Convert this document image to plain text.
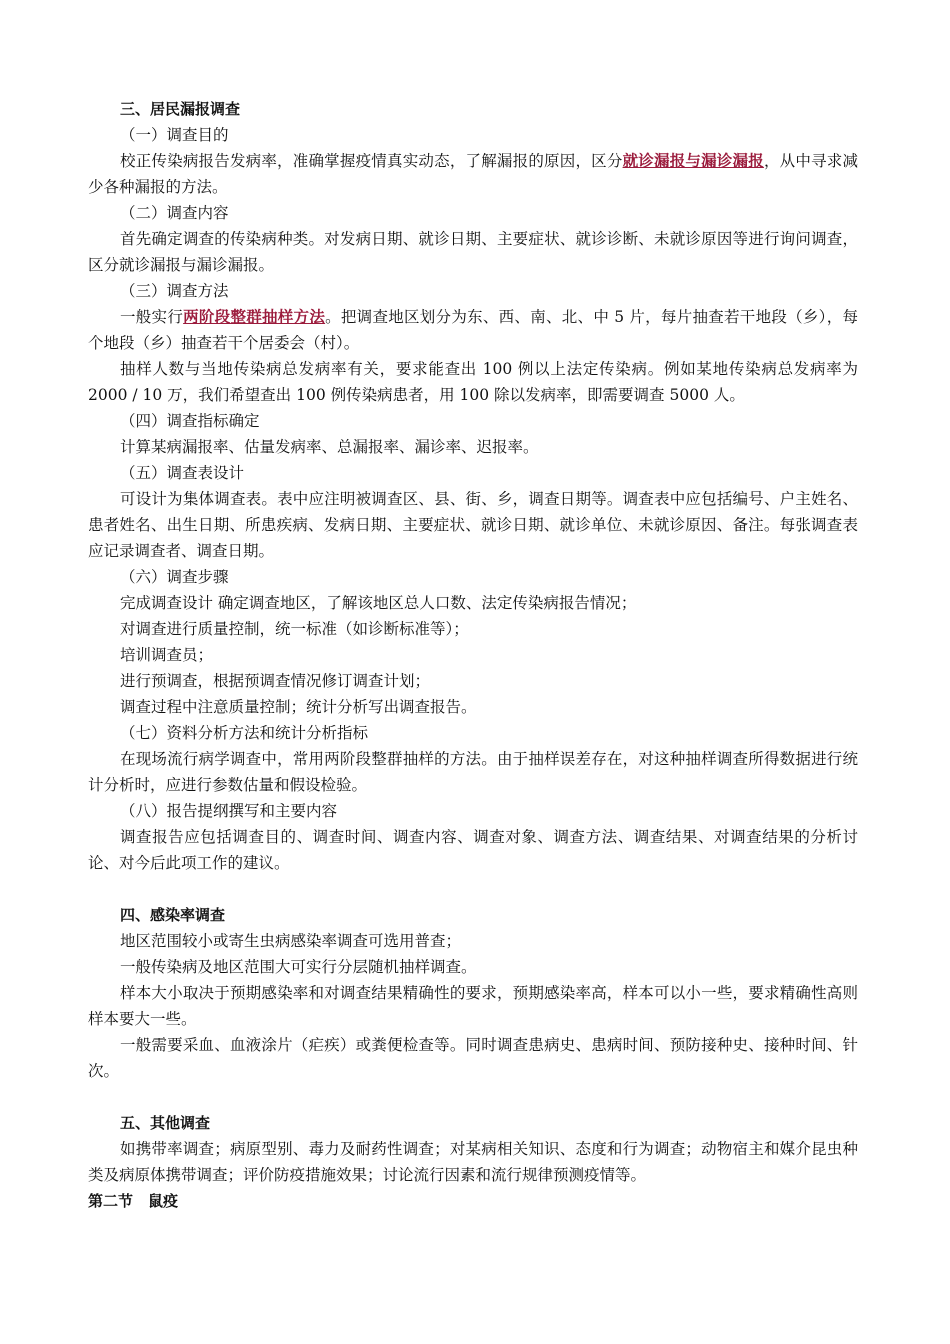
三、居民漏报调查

（一）调查目的

校正传染病报告发病率，准确掌握疫情真实动态，了解漏报的原因，区分就诊漏报与漏诊漏报，从中寻求减少各种漏报的方法。

（二）调查内容

首先确定调查的传染病种类。对发病日期、就诊日期、主要症状、就诊诊断、未就诊原因等进行询问调查，区分就诊漏报与漏诊漏报。

（三）调查方法

一般实行两阶段整群抽样方法。把调查地区划分为东、西、南、北、中 5 片，每片抽查若干地段（乡），每个地段（乡）抽查若干个居委会（村）。

抽样人数与当地传染病总发病率有关，要求能查出 100 例以上法定传染病。例如某地传染病总发病率为 2000 / 10 万，我们希望查出 100 例传染病患者，用 100 除以发病率，即需要调查 5000 人。

（四）调查指标确定

计算某病漏报率、估量发病率、总漏报率、漏诊率、迟报率。

（五）调查表设计

可设计为集体调查表。表中应注明被调查区、县、街、乡，调查日期等。调查表中应包括编号、户主姓名、患者姓名、出生日期、所患疾病、发病日期、主要症状、就诊日期、就诊单位、未就诊原因、备注。每张调查表应记录调查者、调查日期。

（六）调查步骤

完成调查设计 确定调查地区，了解该地区总人口数、法定传染病报告情况；

对调查进行质量控制，统一标准（如诊断标准等）；

培训调查员；

进行预调查，根据预调查情况修订调查计划；

调查过程中注意质量控制；统计分析写出调查报告。

（七）资料分析方法和统计分析指标

在现场流行病学调查中，常用两阶段整群抽样的方法。由于抽样误差存在，对这种抽样调查所得数据进行统计分析时，应进行参数估量和假设检验。

（八）报告提纲撰写和主要内容

调查报告应包括调查目的、调查时间、调查内容、调查对象、调查方法、调查结果、对调查结果的分析讨论、对今后此项工作的建议。

四、感染率调查

地区范围较小或寄生虫病感染率调查可选用普查；

一般传染病及地区范围大可实行分层随机抽样调查。

样本大小取决于预期感染率和对调查结果精确性的要求，预期感染率高，样本可以小一些，要求精确性高则样本要大一些。

一般需要采血、血液涂片（疟疾）或粪便检查等。同时调查患病史、患病时间、预防接种史、接种时间、针次。

五、其他调查

如携带率调查；病原型别、毒力及耐药性调查；对某病相关知识、态度和行为调查；动物宿主和媒介昆虫种类及病原体携带调查；评价防疫措施效果；讨论流行因素和流行规律预测疫情等。

第二节　鼠疫
